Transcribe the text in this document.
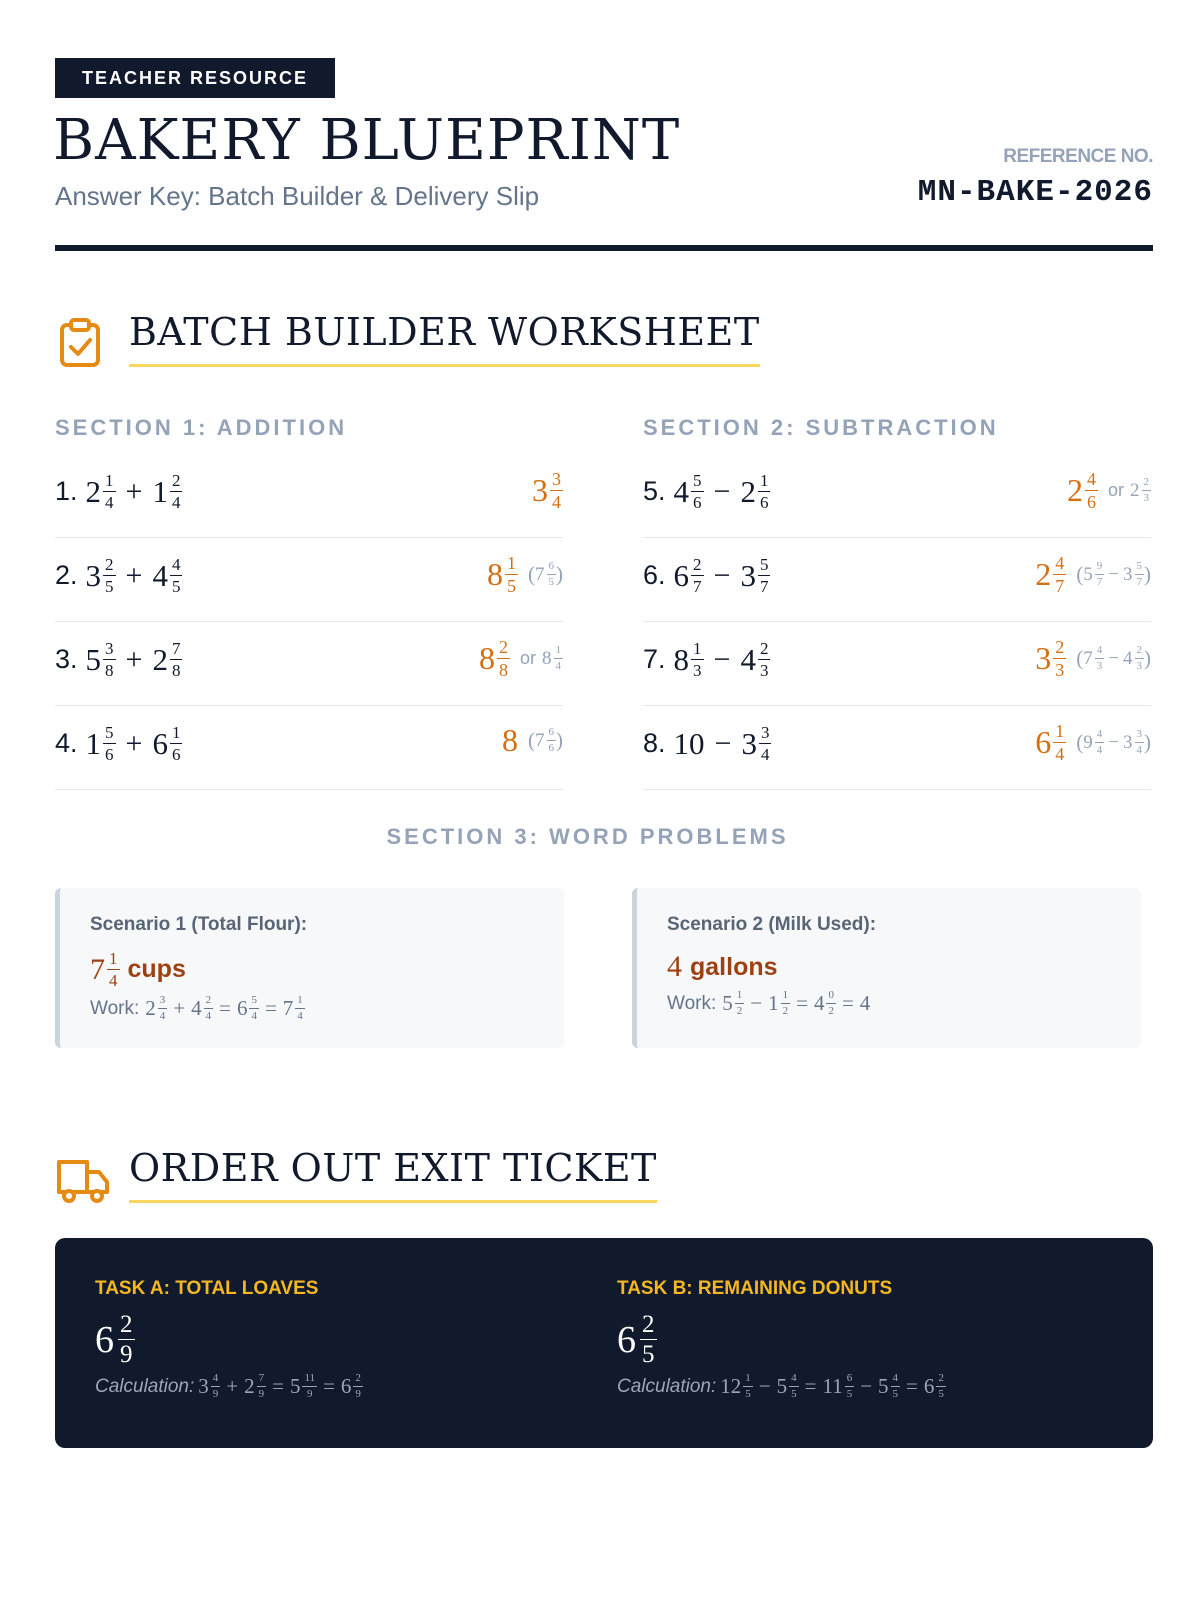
TEACHER RESOURCE
BAKERY BLUEPRINT
Answer Key: Batch Builder & Delivery Slip
REFERENCE NO.
MN-BAKE-2026
BATCH BUILDER WORKSHEET
SECTION 1: ADDITION	SECTION 2: SUBTRACTION
1. $2 \frac{1}{4} + 1 \frac{2}{4}$	$3 \frac{3}{4}$
2. $3 \frac{2}{5} + 4 \frac{4}{5}$	$8 \frac{1}{5}$ ( $7 \frac{6}{5}$ )
3. $5 \frac{3}{8} + 2 \frac{7}{8}$	$8 \frac{2}{8}$ or $8 \frac{1}{4}$
4. $1 \frac{5}{6} + 6 \frac{1}{6}$	8 ( $7 \frac{6}{6}$ )
5. $4 \frac{5}{6} - 2 \frac{1}{6}$	$2 \frac{4}{6}$ or $2 \frac{2}{3}$
6. $6 \frac{2}{7} - 3 \frac{5}{7}$	$2 \frac{4}{7}$ ( $5 \frac{9}{7} - 3 \frac{5}{7}$ )
7. $8 \frac{1}{3} - 4 \frac{2}{3}$	$3 \frac{2}{3}$ ( $7 \frac{4}{3} - 4 \frac{2}{3}$ )
8. $10 - 3 \frac{3}{4}$	$6 \frac{1}{4}$ ( $9 \frac{4}{4} - 3 \frac{3}{4}$ )
SECTION 3: WORD PROBLEMS
Scenario 1 (Total Flour):
$7 \frac{1}{4}$ cups
Work: $2 \frac{3}{4} + 4 \frac{2}{4} = 6 \frac{5}{4} = 7 \frac{1}{4}$
Scenario 2 (Milk Used):
4 gallons
Work: $5 \frac{1}{2} - 1 \frac{1}{2} = 4 \frac{0}{2} = 4$
ORDER OUT EXIT TICKET
TASK A: TOTAL LOAVES
$6 \frac{2}{9}$
Calculation: $3 \frac{4}{9} + 2 \frac{7}{9} = 5 \frac{11}{9} = 6 \frac{2}{9}$
TASK B: REMAINING DONUTS
$6 \frac{2}{5}$
Calculation: $12 \frac{1}{5} - 5 \frac{4}{5} = 11 \frac{6}{5} - 5 \frac{4}{5} = 6 \frac{2}{5}$
